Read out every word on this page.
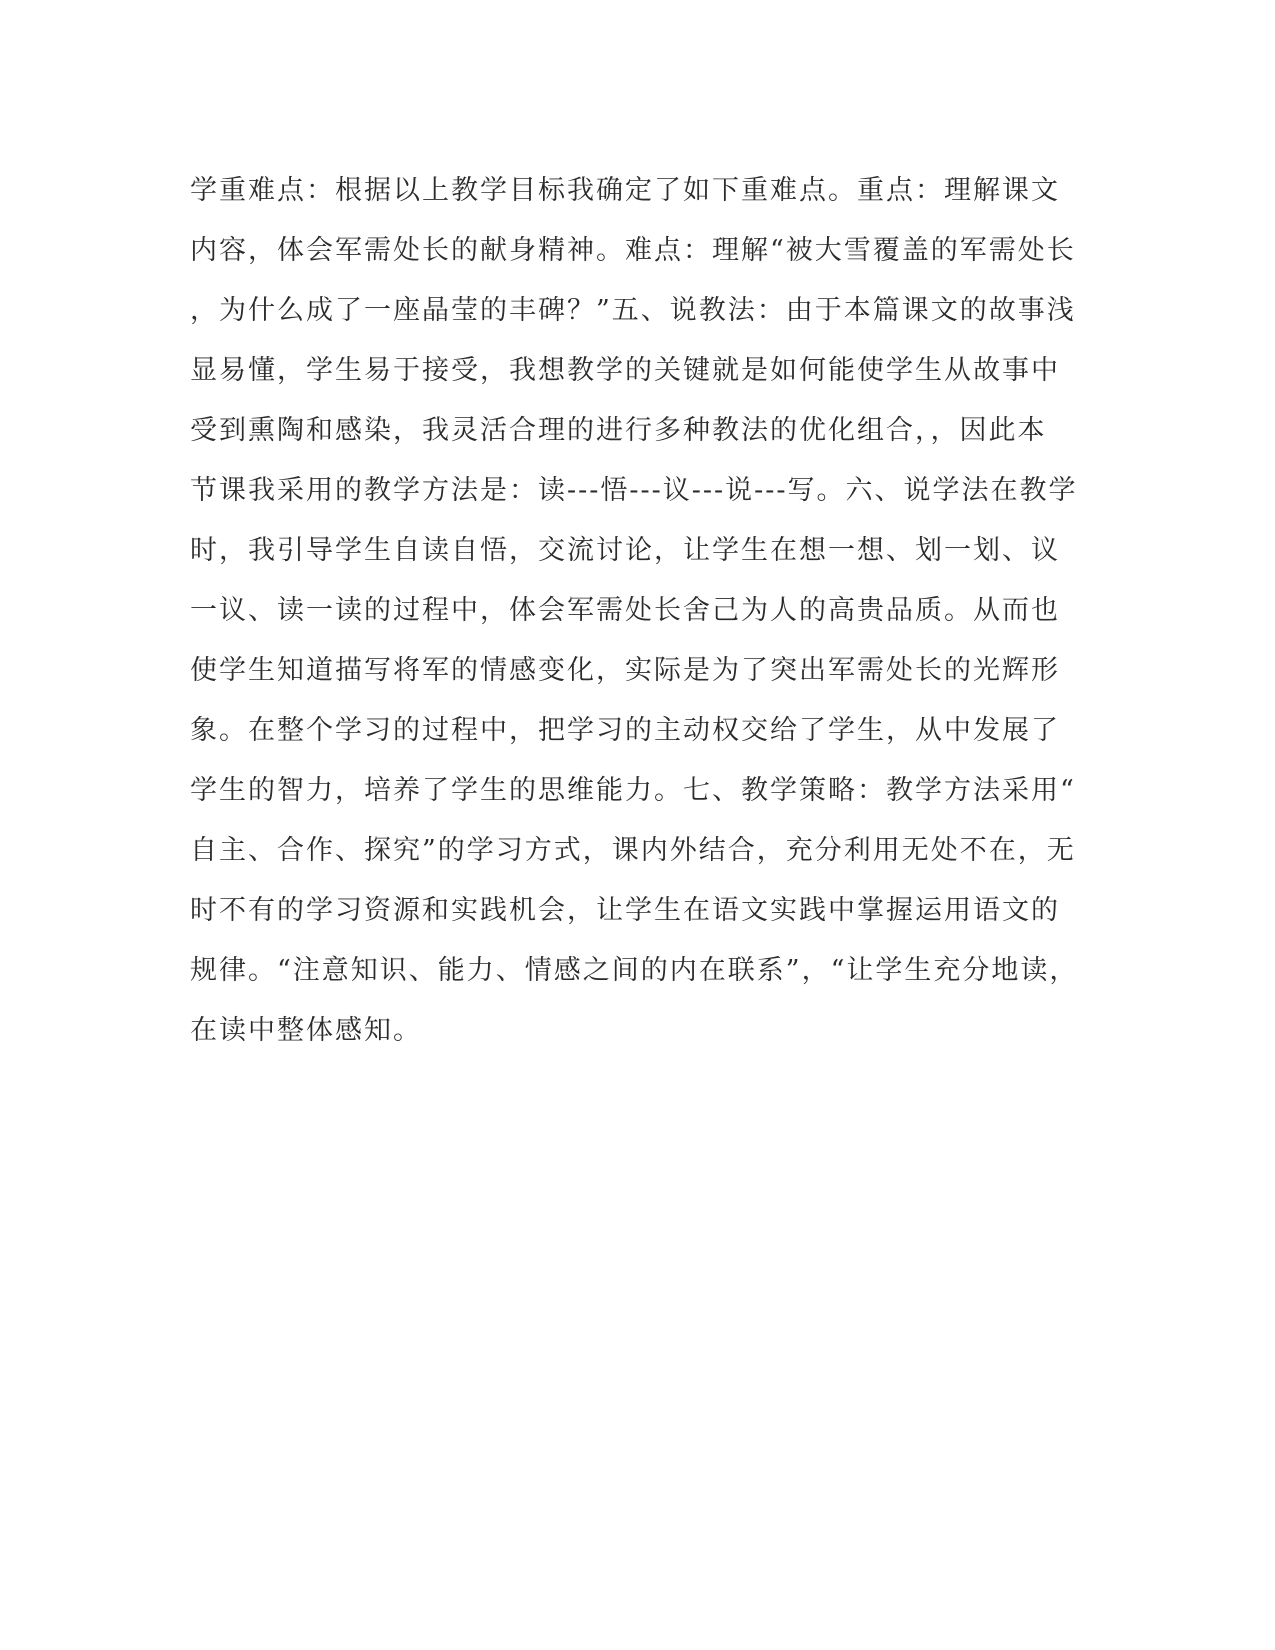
学重难点：根据以上教学目标我确定了如下重难点。重点：理解课文
内容，体会军需处长的献身精神。难点：理解“被大雪覆盖的军需处长
，为什么成了一座晶莹的丰碑？”五、说教法：由于本篇课文的故事浅
显易懂，学生易于接受，我想教学的关键就是如何能使学生从故事中
受到熏陶和感染，我灵活合理的进行多种教法的优化组合，，因此本
节课我采用的教学方法是：读---悟---议---说---写。六、说学法在教学
时，我引导学生自读自悟，交流讨论，让学生在想一想、划一划、议
一议、读一读的过程中，体会军需处长舍己为人的高贵品质。从而也
使学生知道描写将军的情感变化，实际是为了突出军需处长的光辉形
象。在整个学习的过程中，把学习的主动权交给了学生，从中发展了
学生的智力，培养了学生的思维能力。七、教学策略：教学方法采用“
自主、合作、探究”的学习方式，课内外结合，充分利用无处不在，无
时不有的学习资源和实践机会，让学生在语文实践中掌握运用语文的
规律。“注意知识、能力、情感之间的内在联系”，“让学生充分地读，
在读中整体感知。
